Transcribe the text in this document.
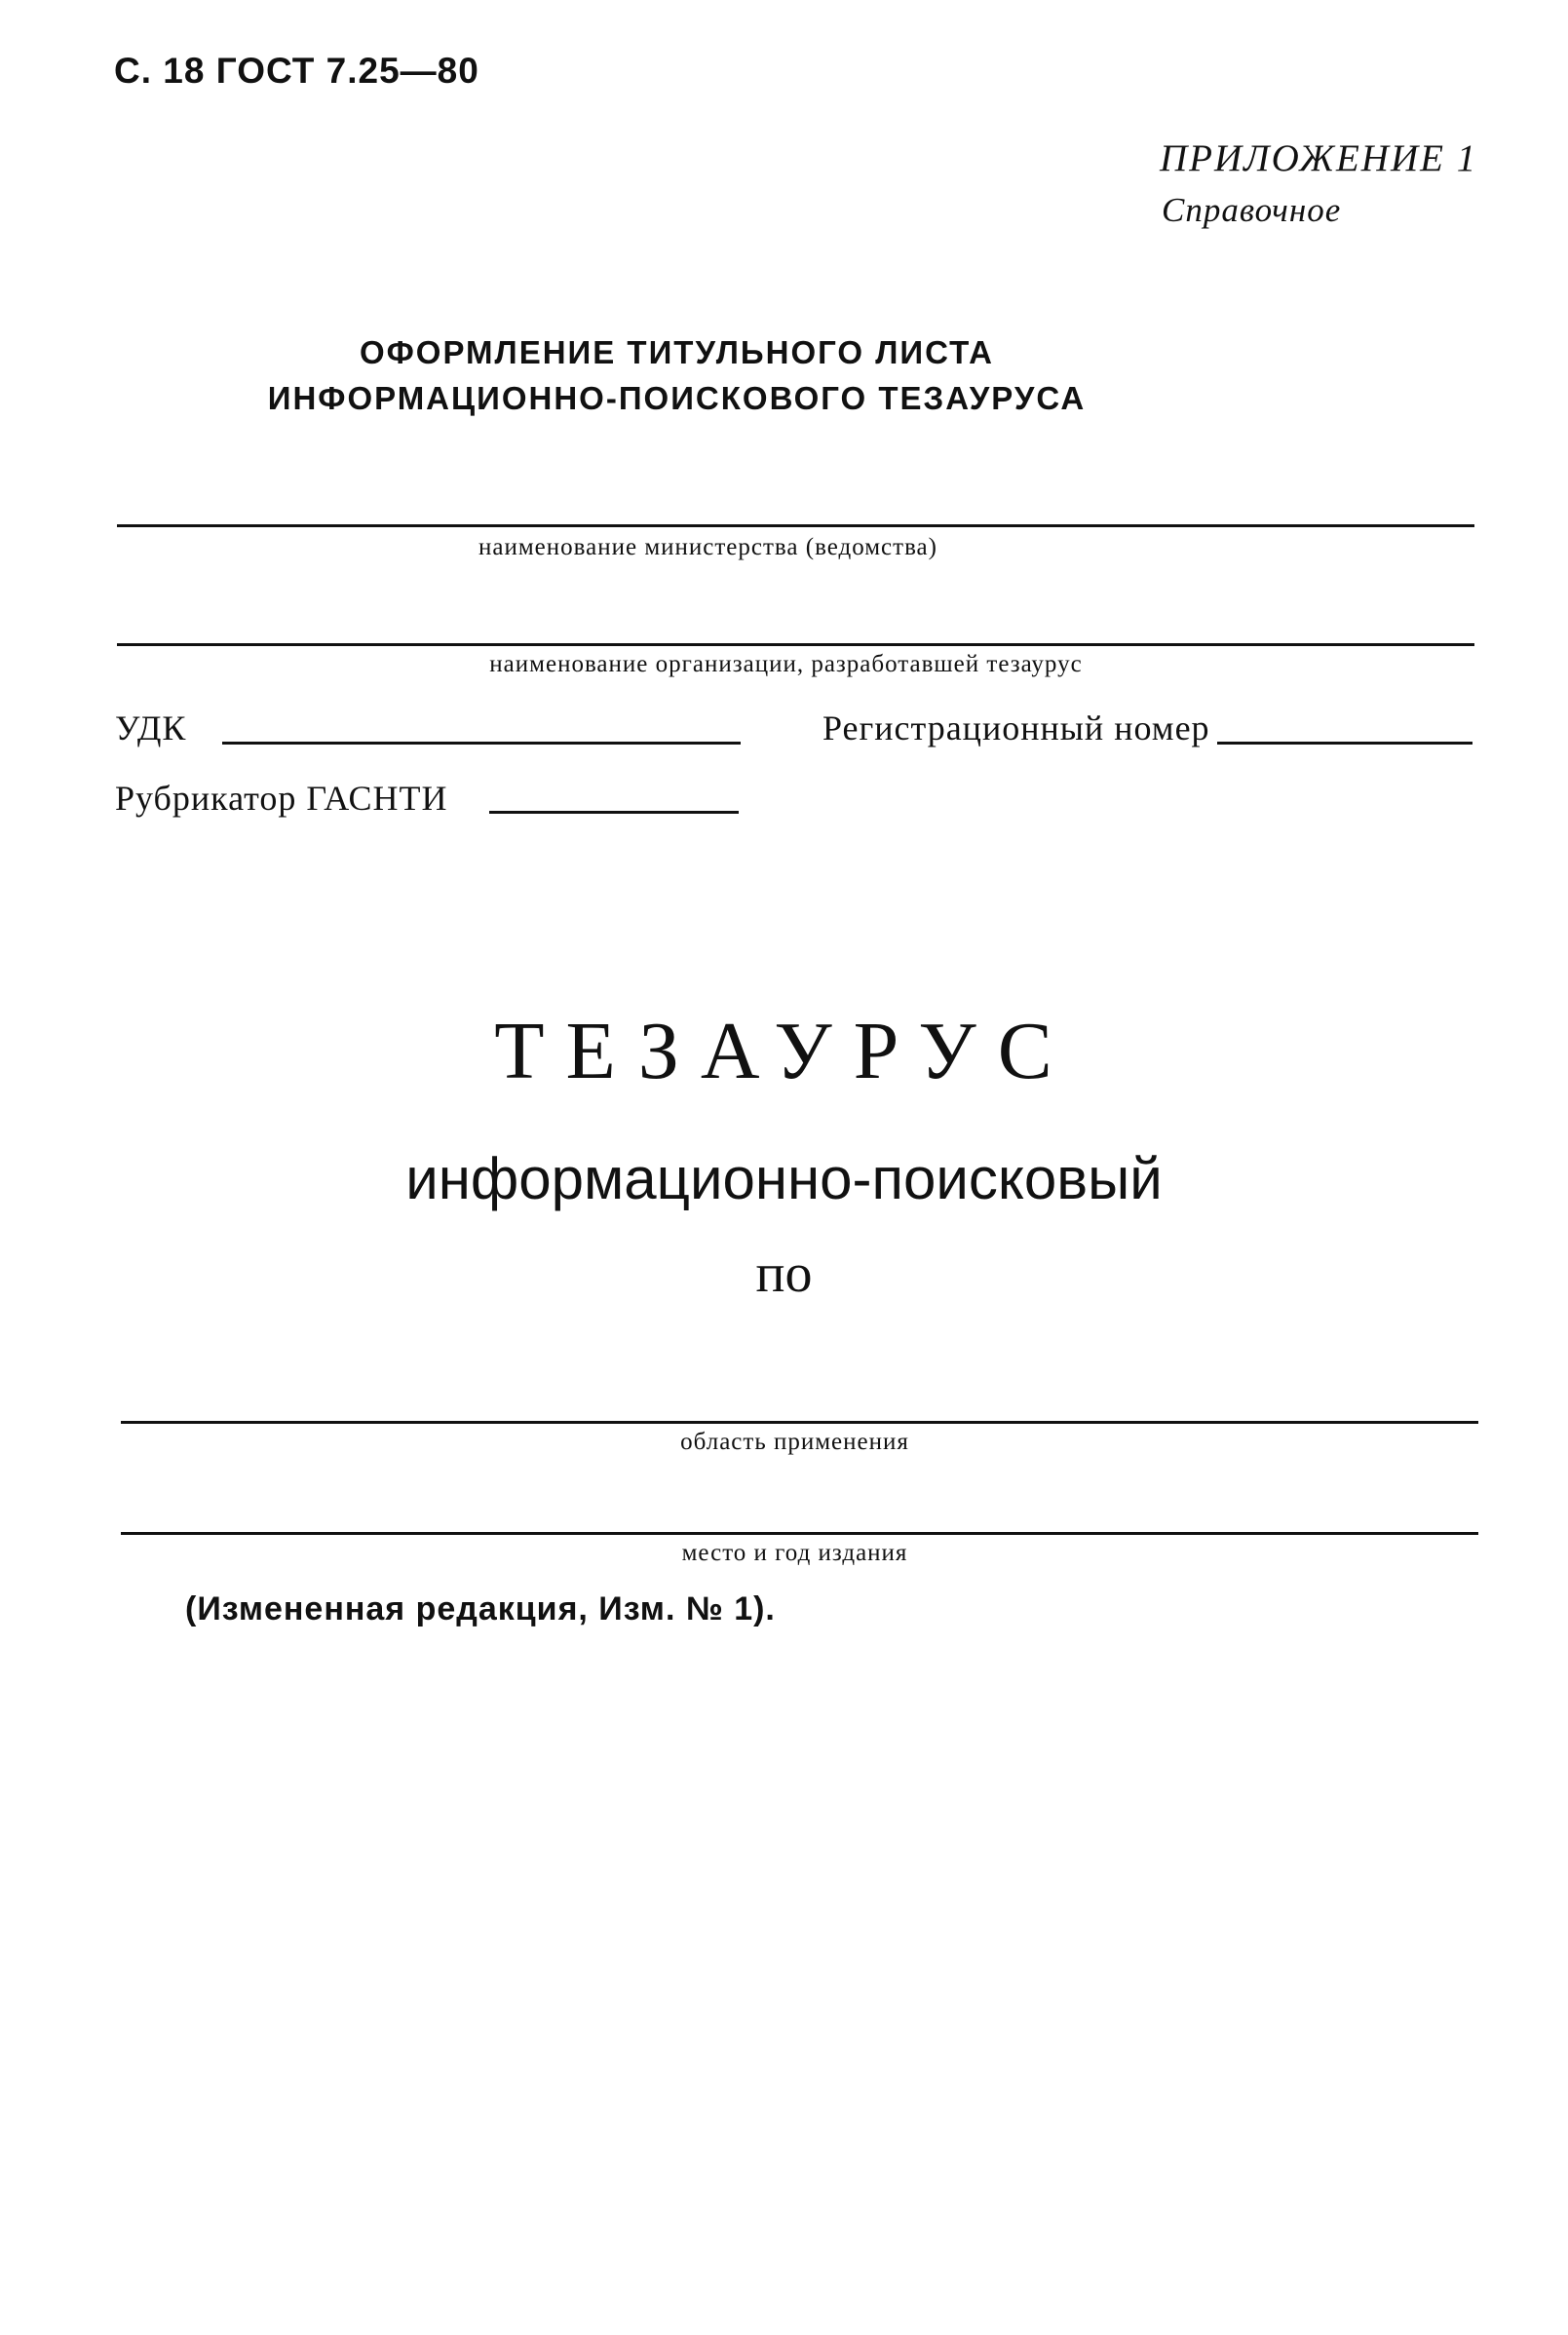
С. 18 ГОСТ 7.25—80
ПРИЛОЖЕНИЕ 1
Справочное
ОФОРМЛЕНИЕ ТИТУЛЬНОГО ЛИСТА
ИНФОРМАЦИОННО-ПОИСКОВОГО ТЕЗАУРУСА
наименование министерства (ведомства)
наименование организации, разработавшей тезаурус
УДК	Регистрационный номер
Рубрикатор ГАСНТИ
ТЕЗАУРУС
информационно-поисковый
по
область применения
место и год издания
(Измененная редакция, Изм. № 1).
